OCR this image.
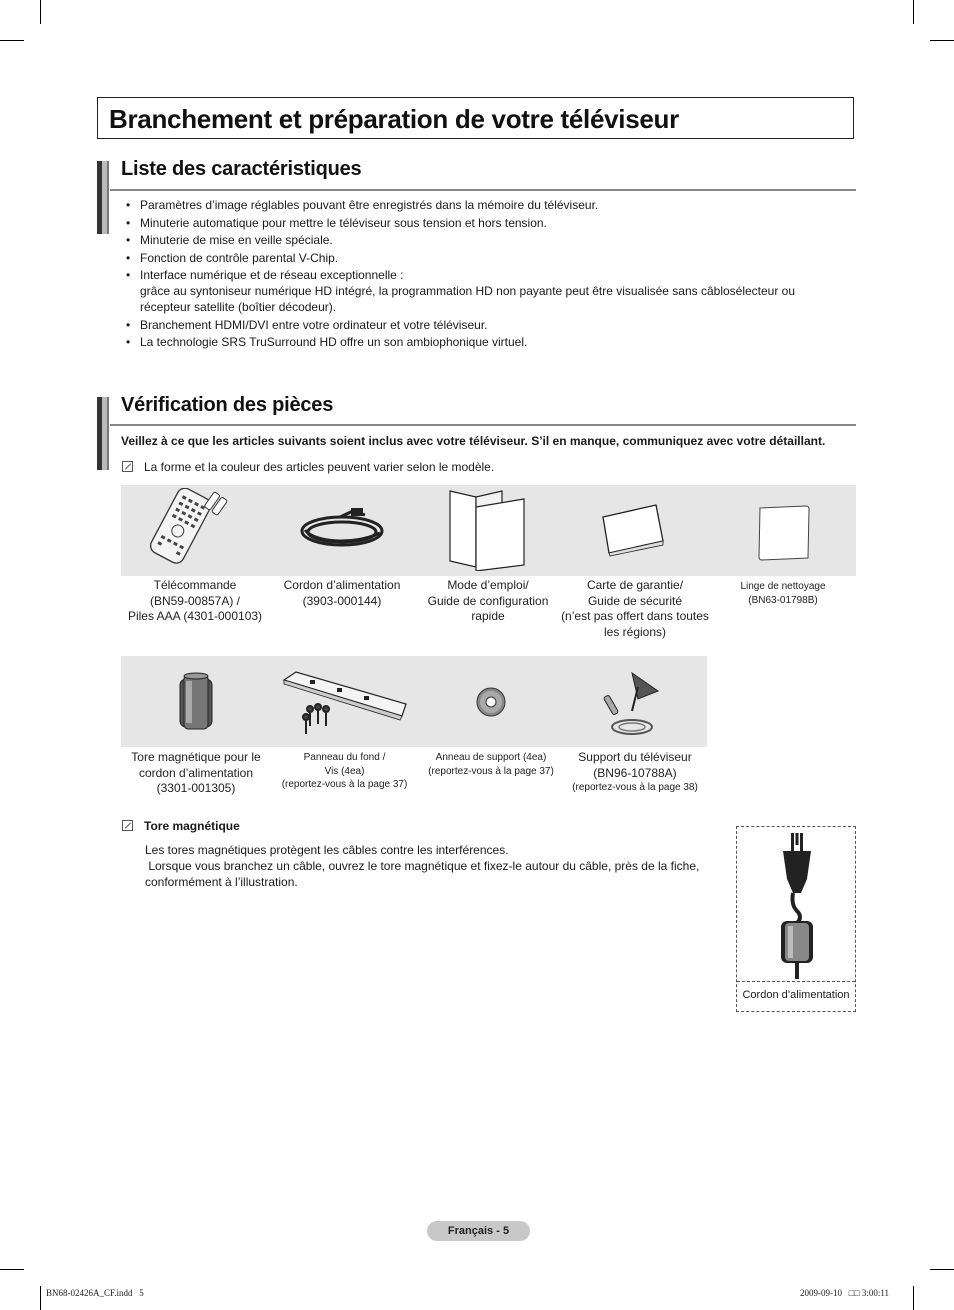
Branchement et préparation de votre téléviseur
Liste des caractéristiques
• Paramètres d’image réglables pouvant être enregistrés dans la mémoire du téléviseur.
• Minuterie automatique pour mettre le téléviseur sous tension et hors tension.
• Minuterie de mise en veille spéciale.
• Fonction de contrôle parental V-Chip.
• Interface numérique et de réseau exceptionnelle :
grâce au syntoniseur numérique HD intégré, la programmation HD non payante peut être visualisée sans câblosélecteur ou
récepteur satellite (boîtier décodeur).
• Branchement HDMI/DVI entre votre ordinateur et votre téléviseur.
• La technologie SRS TruSurround HD offre un son ambiophonique virtuel.
Vérification des pièces
Veillez à ce que les articles suivants soient inclus avec votre téléviseur. S’il en manque, communiquez avec votre détaillant.
La forme et la couleur des articles peuvent varier selon le modèle.
Télécommande
(BN59-00857A) /
Piles AAA (4301-000103)
Cordon d’alimentation
(3903-000144)
Mode d’emploi/
Guide de configuration
rapide
Carte de garantie/
Guide de sécurité
(n’est pas offert dans toutes
les régions)
Linge de nettoyage
(BN63-01798B)
Tore magnétique pour le
cordon d’alimentation
(3301-001305)
Panneau du fond /
Vis (4ea)
(reportez-vous à la page 37)
Anneau de support (4ea)
(reportez-vous à la page 37)
Support du téléviseur
(BN96-10788A)
(reportez-vous à la page 38)
Tore magnétique
Les tores magnétiques protègent les câbles contre les interférences.
Lorsque vous branchez un câble, ouvrez le tore magnétique et fixez-le autour du câble, près de la fiche,
conformément à l’illustration.
Cordon d’alimentation
Français - 5
BN68-02426A_CF.indd   5	2009-09-10   □□ 3:00:11
